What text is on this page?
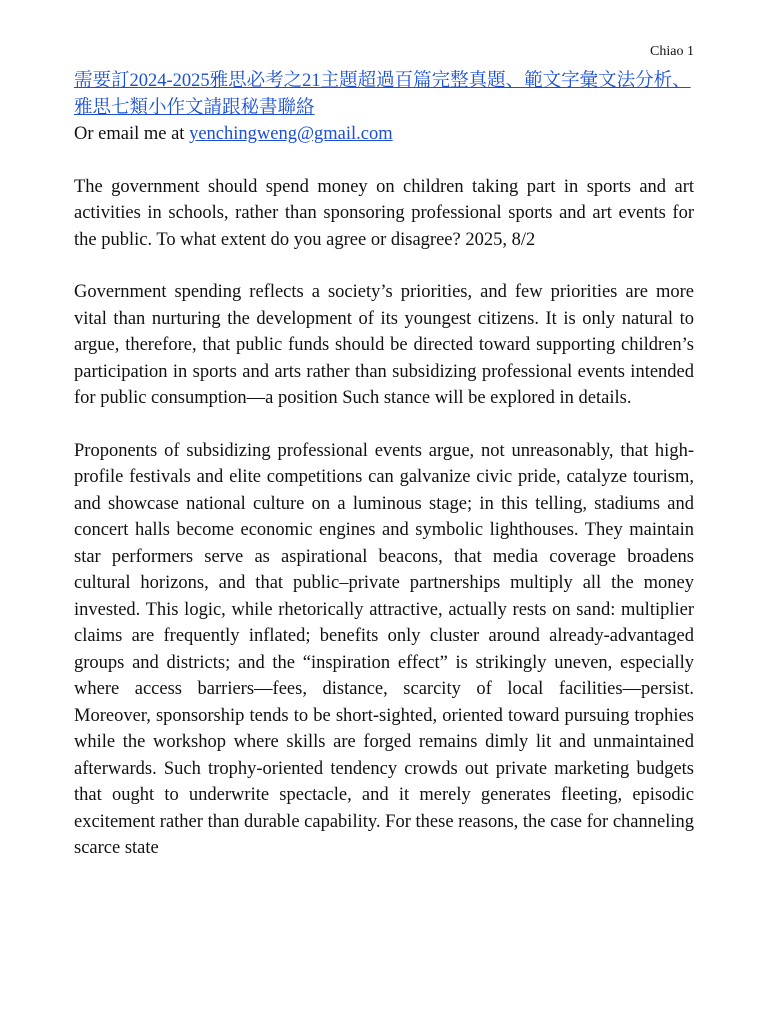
Chiao 1

需要訂2024-2025雅思必考之21主題超過百篇完整真題、範文字彙文法分析、雅思七類小作文請跟秘書聯絡

Or email me at yenchingweng@gmail.com

The government should spend money on children taking part in sports and art activities in schools, rather than sponsoring professional sports and art events for the public. To what extent do you agree or disagree? 2025, 8/2

Government spending reflects a society’s priorities, and few priorities are more vital than nurturing the development of its youngest citizens. It is only natural to argue, therefore, that public funds should be directed toward supporting children’s participation in sports and arts rather than subsidizing professional events intended for public consumption—a position Such stance will be explored in details.

Proponents of subsidizing professional events argue, not unreasonably, that high-profile festivals and elite competitions can galvanize civic pride, catalyze tourism, and showcase national culture on a luminous stage; in this telling, stadiums and concert halls become economic engines and symbolic lighthouses. They maintain star performers serve as aspirational beacons, that media coverage broadens cultural horizons, and that public–private partnerships multiply all the money invested. This logic, while rhetorically attractive, actually rests on sand: multiplier claims are frequently inflated; benefits only cluster around already-advantaged groups and districts; and the “inspiration effect” is strikingly uneven, especially where access barriers—fees, distance, scarcity of local facilities—persist. Moreover, sponsorship tends to be short-sighted, oriented toward pursuing trophies while the workshop where skills are forged remains dimly lit and unmaintained afterwards. Such trophy-oriented tendency crowds out private marketing budgets that ought to underwrite spectacle, and it merely generates fleeting, episodic excitement rather than durable capability. For these reasons, the case for channeling scarce state
